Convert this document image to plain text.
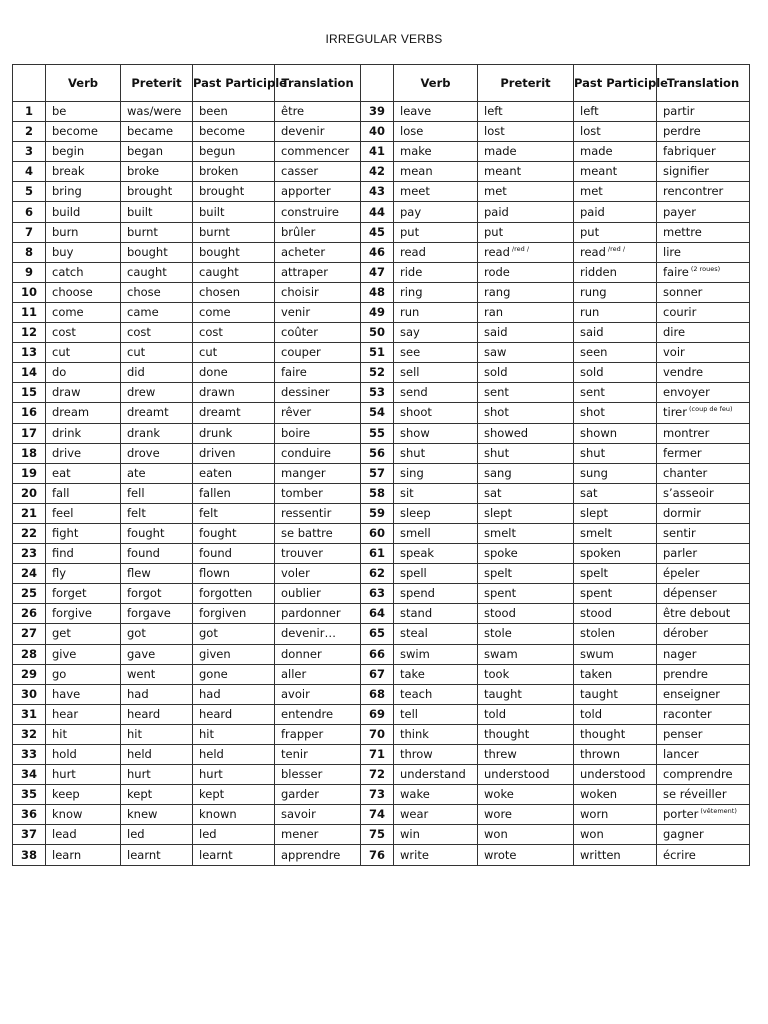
IRREGULAR VERBS
	Verb	Preterit	Past Participle	Translation		Verb	Preterit	Past Participle	Translation
1	be	was/were	been	être	39	leave	left	left	partir
2	become	became	become	devenir	40	lose	lost	lost	perdre
3	begin	began	begun	commencer	41	make	made	made	fabriquer
4	break	broke	broken	casser	42	mean	meant	meant	signifier
5	bring	brought	brought	apporter	43	meet	met	met	rencontrer
6	build	built	built	construire	44	pay	paid	paid	payer
7	burn	burnt	burnt	brûler	45	put	put	put	mettre
8	buy	bought	bought	acheter	46	read	read $^{/red /}$	read $^{/red /}$	lire
9	catch	caught	caught	attraper	47	ride	rode	ridden	faire $^{(2 roues)}$
10	choose	chose	chosen	choisir	48	ring	rang	rung	sonner
11	come	came	come	venir	49	run	ran	run	courir
12	cost	cost	cost	coûter	50	say	said	said	dire
13	cut	cut	cut	couper	51	see	saw	seen	voir
14	do	did	done	faire	52	sell	sold	sold	vendre
15	draw	drew	drawn	dessiner	53	send	sent	sent	envoyer
16	dream	dreamt	dreamt	rêver	54	shoot	shot	shot	tirer $^{(coup de feu)}$
17	drink	drank	drunk	boire	55	show	showed	shown	montrer
18	drive	drove	driven	conduire	56	shut	shut	shut	fermer
19	eat	ate	eaten	manger	57	sing	sang	sung	chanter
20	fall	fell	fallen	tomber	58	sit	sat	sat	s’asseoir
21	feel	felt	felt	ressentir	59	sleep	slept	slept	dormir
22	fight	fought	fought	se battre	60	smell	smelt	smelt	sentir
23	find	found	found	trouver	61	speak	spoke	spoken	parler
24	fly	flew	flown	voler	62	spell	spelt	spelt	épeler
25	forget	forgot	forgotten	oublier	63	spend	spent	spent	dépenser
26	forgive	forgave	forgiven	pardonner	64	stand	stood	stood	être debout
27	get	got	got	devenir…	65	steal	stole	stolen	dérober
28	give	gave	given	donner	66	swim	swam	swum	nager
29	go	went	gone	aller	67	take	took	taken	prendre
30	have	had	had	avoir	68	teach	taught	taught	enseigner
31	hear	heard	heard	entendre	69	tell	told	told	raconter
32	hit	hit	hit	frapper	70	think	thought	thought	penser
33	hold	held	held	tenir	71	throw	threw	thrown	lancer
34	hurt	hurt	hurt	blesser	72	understand	understood	understood	comprendre
35	keep	kept	kept	garder	73	wake	woke	woken	se réveiller
36	know	knew	known	savoir	74	wear	wore	worn	porter $^{(vêtement)}$
37	lead	led	led	mener	75	win	won	won	gagner
38	learn	learnt	learnt	apprendre	76	write	wrote	written	écrire
